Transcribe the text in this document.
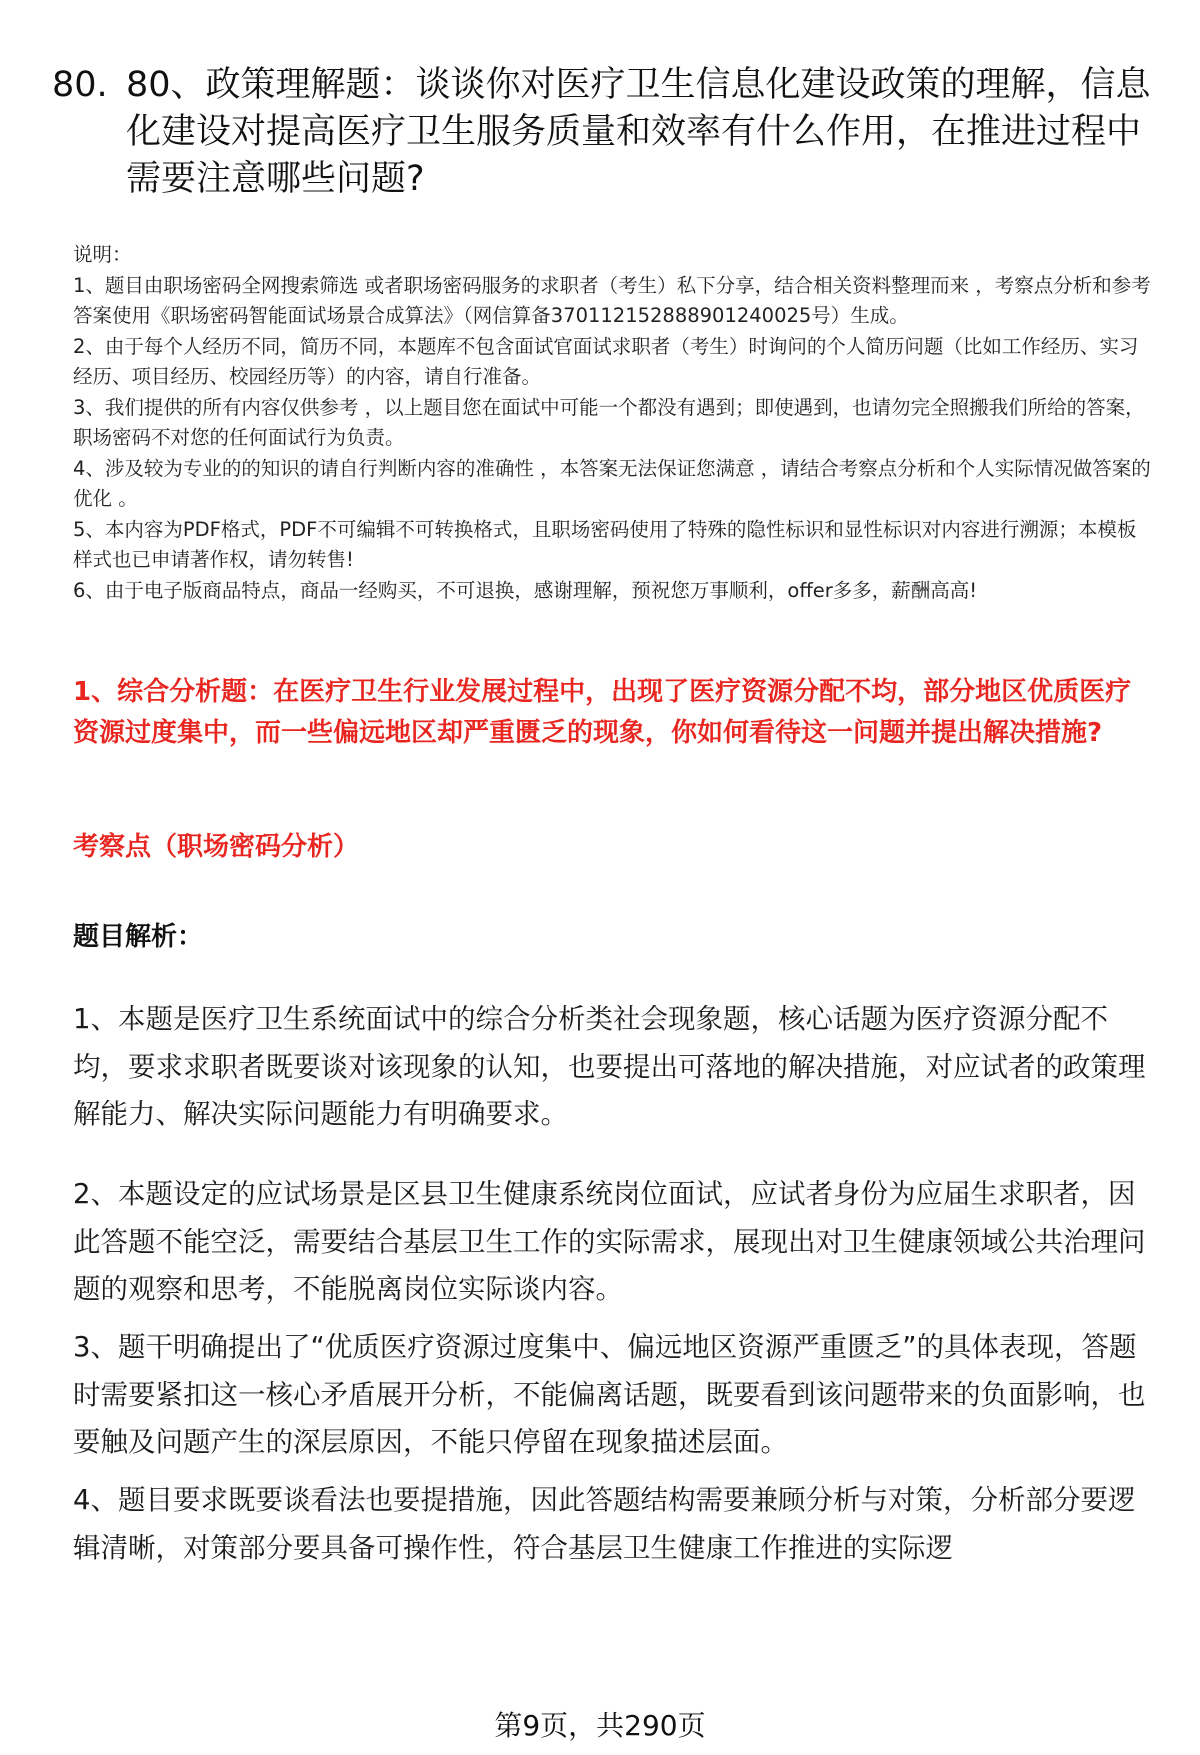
80. 80、政策理解题：谈谈你对医疗卫生信息化建设政策的理解，信息化建设对提高医疗卫生服务质量和效率有什么作用，在推进过程中需要注意哪些问题?

说明：

1、题目由职场密码全网搜索筛选 或者职场密码服务的求职者（考生）私下分享，结合相关资料整理而来 ，考察点分析和参考答案使用《职场密码智能面试场景合成算法》（网信算备370112152888901240025号）生成。

2、由于每个人经历不同，简历不同，本题库不包含面试官面试求职者（考生）时询问的个人简历问题（比如工作经历、实习经历、项目经历、校园经历等）的内容，请自行准备。

3、我们提供的所有内容仅供参考 ，以上题目您在面试中可能一个都没有遇到；即使遇到，也请勿完全照搬我们所给的答案，职场密码不对您的任何面试行为负责。

4、涉及较为专业的的知识的请自行判断内容的准确性 ，本答案无法保证您满意 ，请结合考察点分析和个人实际情况做答案的优化 。

5、本内容为PDF格式，PDF不可编辑不可转换格式，且职场密码使用了特殊的隐性标识和显性标识对内容进行溯源；本模板样式也已申请著作权，请勿转售!

6、由于电子版商品特点，商品一经购买，不可退换，感谢理解，预祝您万事顺利，offer多多，薪酬高高!

1、综合分析题：在医疗卫生行业发展过程中，出现了医疗资源分配不均，部分地区优质医疗资源过度集中，而一些偏远地区却严重匮乏的现象，你如何看待这一问题并提出解决措施?
考察点（职场密码分析）
题目解析：
1、本题是医疗卫生系统面试中的综合分析类社会现象题，核心话题为医疗资源分配不均，要求求职者既要谈对该现象的认知，也要提出可落地的解决措施，对应试者的政策理解能力、解决实际问题能力有明确要求。
2、本题设定的应试场景是区县卫生健康系统岗位面试，应试者身份为应届生求职者，因此答题不能空泛，需要结合基层卫生工作的实际需求，展现出对卫生健康领域公共治理问题的观察和思考，不能脱离岗位实际谈内容。
3、题干明确提出了“优质医疗资源过度集中、偏远地区资源严重匮乏”的具体表现，答题时需要紧扣这一核心矛盾展开分析，不能偏离话题，既要看到该问题带来的负面影响，也要触及问题产生的深层原因，不能只停留在现象描述层面。
4、题目要求既要谈看法也要提措施，因此答题结构需要兼顾分析与对策，分析部分要逻辑清晰，对策部分要具备可操作性，符合基层卫生健康工作推进的实际逻
第9页，共290页
